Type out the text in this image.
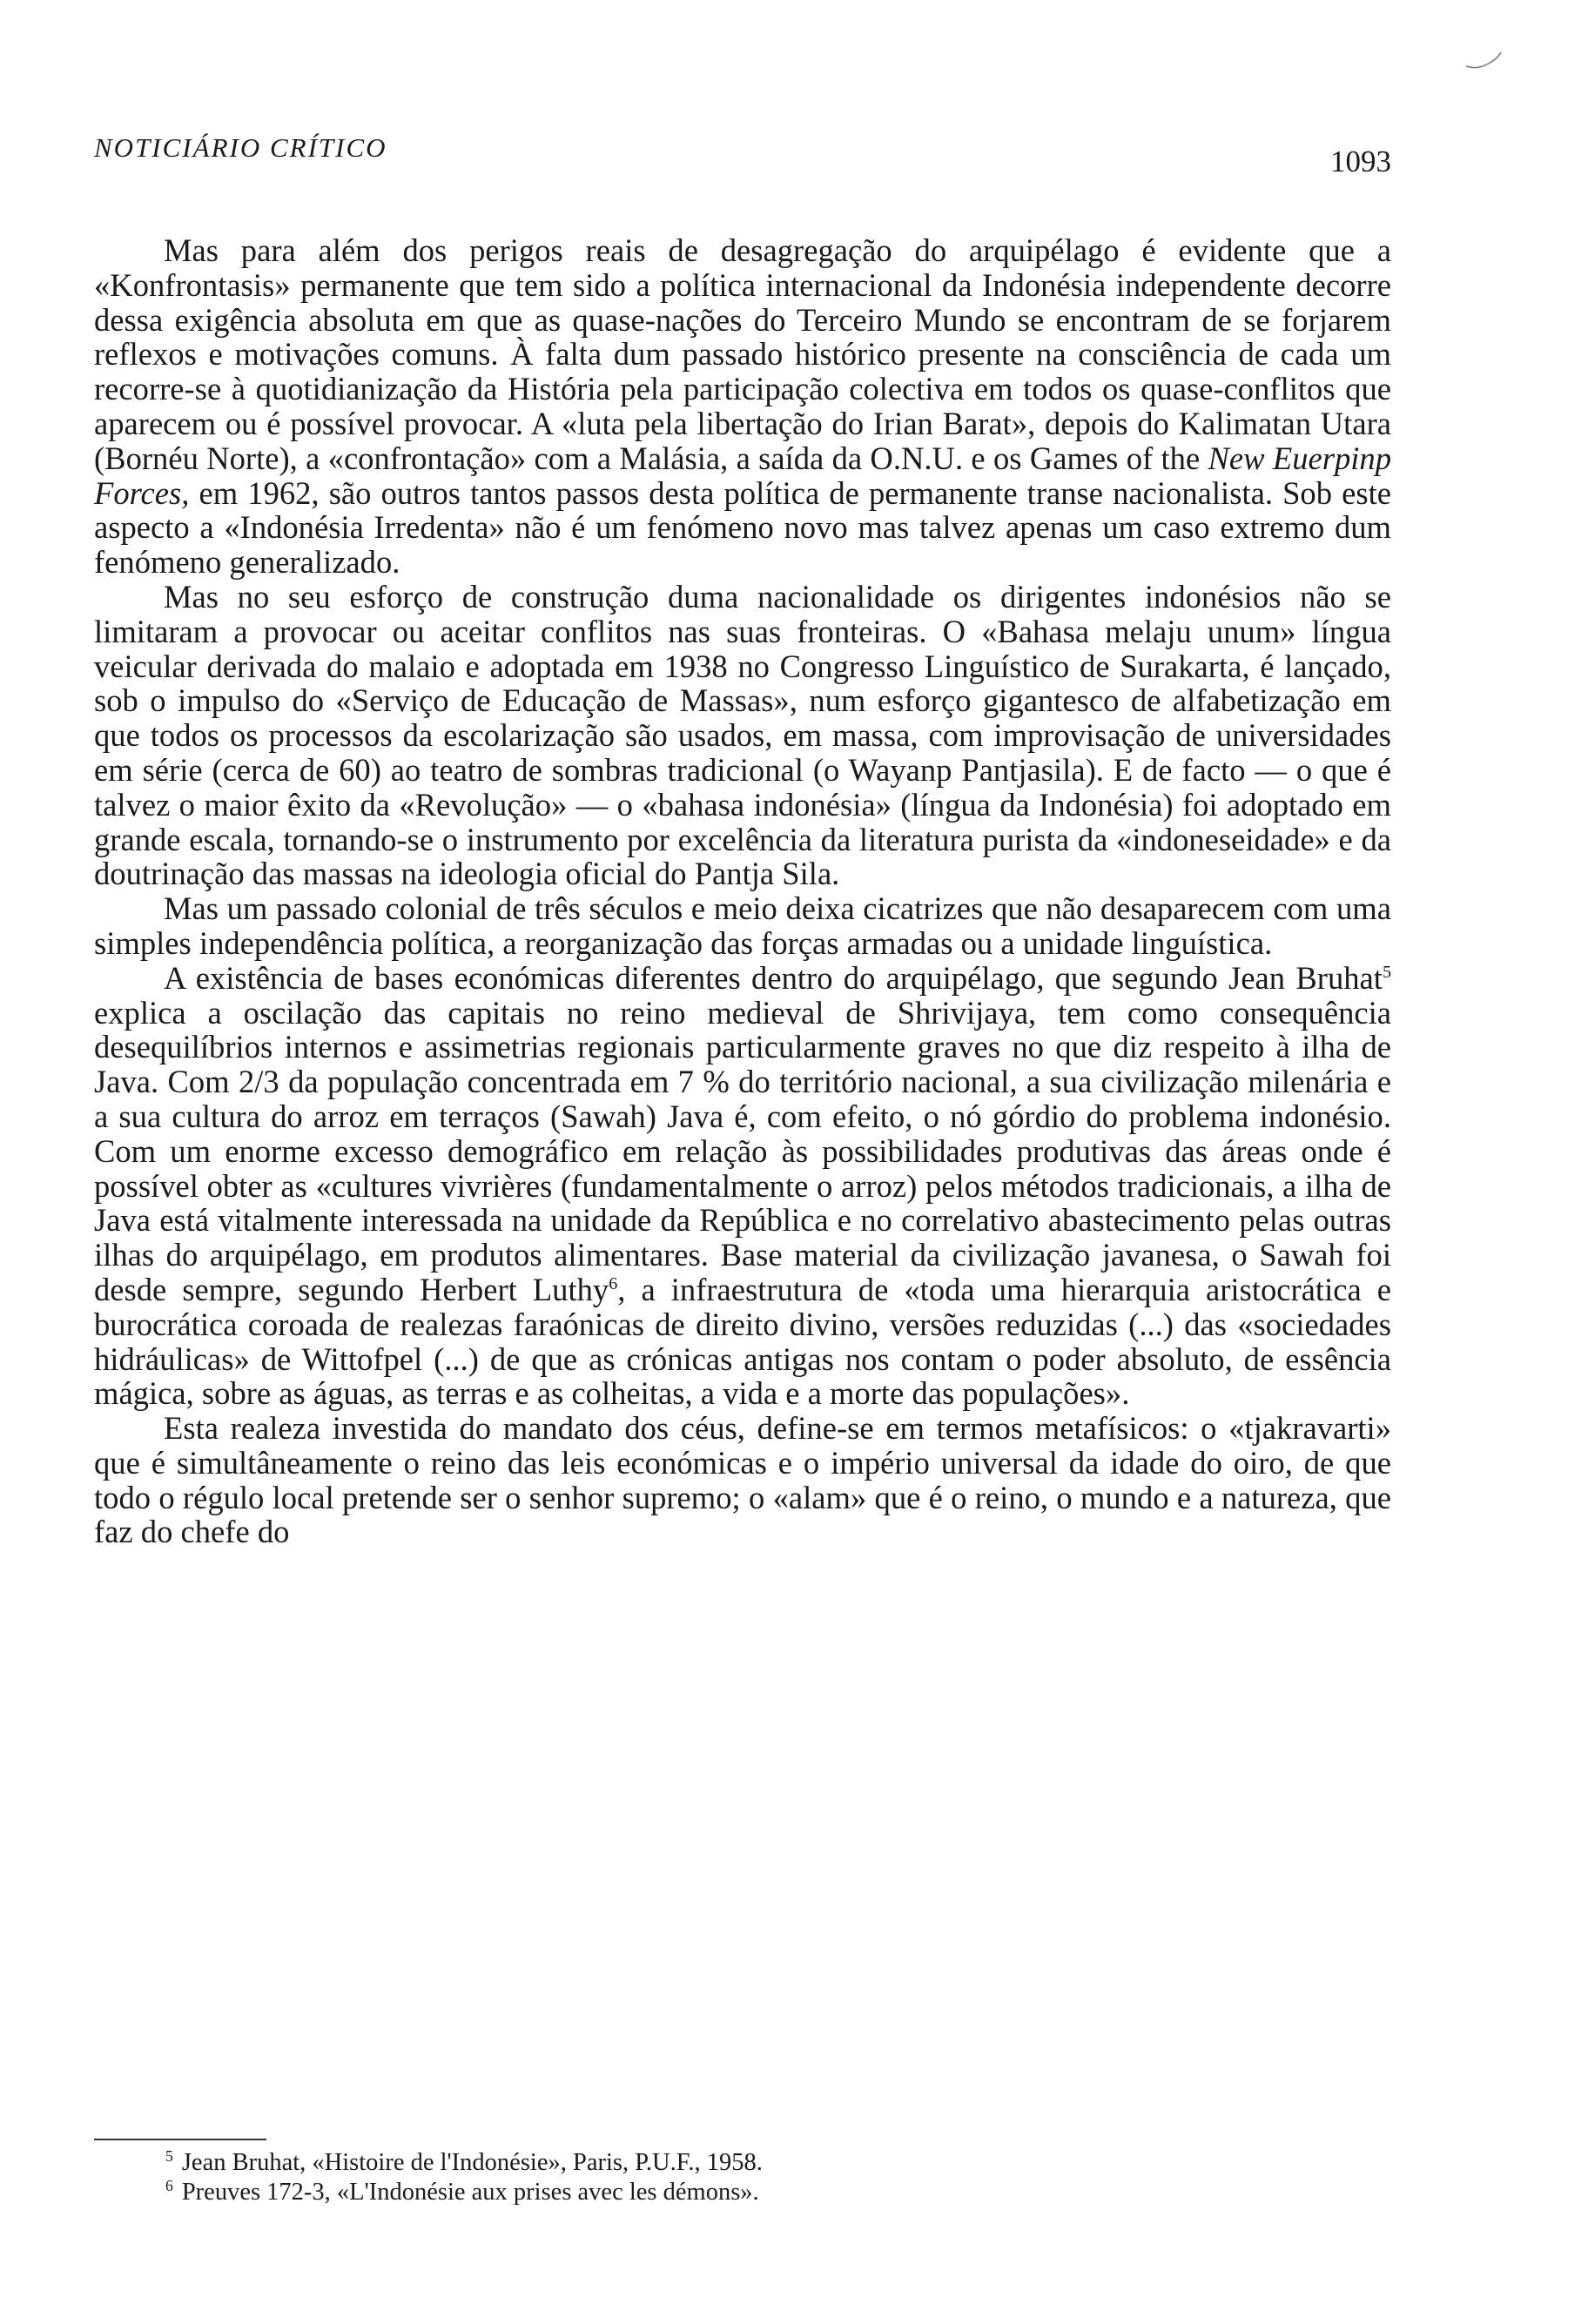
NOTICIÁRIO CRÍTICO	1093

Mas para além dos perigos reais de desagregação do arquipélago é evidente que a «Konfrontasis» permanente que tem sido a política internacional da Indonésia independente decorre dessa exigência absoluta em que as quase-nações do Terceiro Mundo se encontram de se forjarem reflexos e motivações comuns. À falta dum passado histórico presente na consciência de cada um recorre-se à quotidianização da História pela participação colectiva em todos os quase-conflitos que aparecem ou é possível provocar. A «luta pela libertação do Irian Barat», depois do Kalimatan Utara (Bornéu Norte), a «confrontação» com a Malásia, a saída da O.N.U. e os Games of the New Euerpinp Forces, em 1962, são outros tantos passos desta política de permanente transe nacionalista. Sob este aspecto a «Indonésia Irredenta» não é um fenómeno novo mas talvez apenas um caso extremo dum fenómeno generalizado.

Mas no seu esforço de construção duma nacionalidade os dirigentes indonésios não se limitaram a provocar ou aceitar conflitos nas suas fronteiras. O «Bahasa melaju unum» língua veicular derivada do malaio e adoptada em 1938 no Congresso Linguístico de Surakarta, é lançado, sob o impulso do «Serviço de Educação de Massas», num esforço gigantesco de alfabetização em que todos os processos da escolarização são usados, em massa, com improvisação de universidades em série (cerca de 60) ao teatro de sombras tradicional (o Wayanp Pantjasila). E de facto — o que é talvez o maior êxito da «Revolução» — o «bahasa indonésia» (língua da Indonésia) foi adoptado em grande escala, tornando-se o instrumento por excelência da literatura purista da «indoneseidade» e da doutrinação das massas na ideologia oficial do Pantja Sila.

Mas um passado colonial de três séculos e meio deixa cicatrizes que não desaparecem com uma simples independência política, a reorganização das forças armadas ou a unidade linguística.

A existência de bases económicas diferentes dentro do arquipélago, que segundo Jean Bruhat$^5$ explica a oscilação das capitais no reino medieval de Shrivijaya, tem como consequência desequilíbrios internos e assimetrias regionais particularmente graves no que diz respeito à ilha de Java. Com 2/3 da população concentrada em 7 % do território nacional, a sua civilização milenária e a sua cultura do arroz em terraços (Sawah) Java é, com efeito, o nó górdio do problema indonésio. Com um enorme excesso demográfico em relação às possibilidades produtivas das áreas onde é possível obter as «cultures vivrières (fundamentalmente o arroz) pelos métodos tradicionais, a ilha de Java está vitalmente interessada na unidade da República e no correlativo abastecimento pelas outras ilhas do arquipélago, em produtos alimentares. Base material da civilização javanesa, o Sawah foi desde sempre, segundo Herbert Luthy$^6$, a infraestrutura de «toda uma hierarquia aristocrática e burocrática coroada de realezas faraónicas de direito divino, versões reduzidas (...) das «sociedades hidráulicas» de Wittofpel (...) de que as crónicas antigas nos contam o poder absoluto, de essência mágica, sobre as águas, as terras e as colheitas, a vida e a morte das populações».

Esta realeza investida do mandato dos céus, define-se em termos metafísicos: o «tjakravarti» que é simultâneamente o reino das leis económicas e o império universal da idade do oiro, de que todo o régulo local pretende ser o senhor supremo; o «alam» que é o reino, o mundo e a natureza, que faz do chefe do

$^5$ Jean Bruhat, «Histoire de l'Indonésie», Paris, P.U.F., 1958.
$^6$ Preuves 172-3, «L'Indonésie aux prises avec les démons».
